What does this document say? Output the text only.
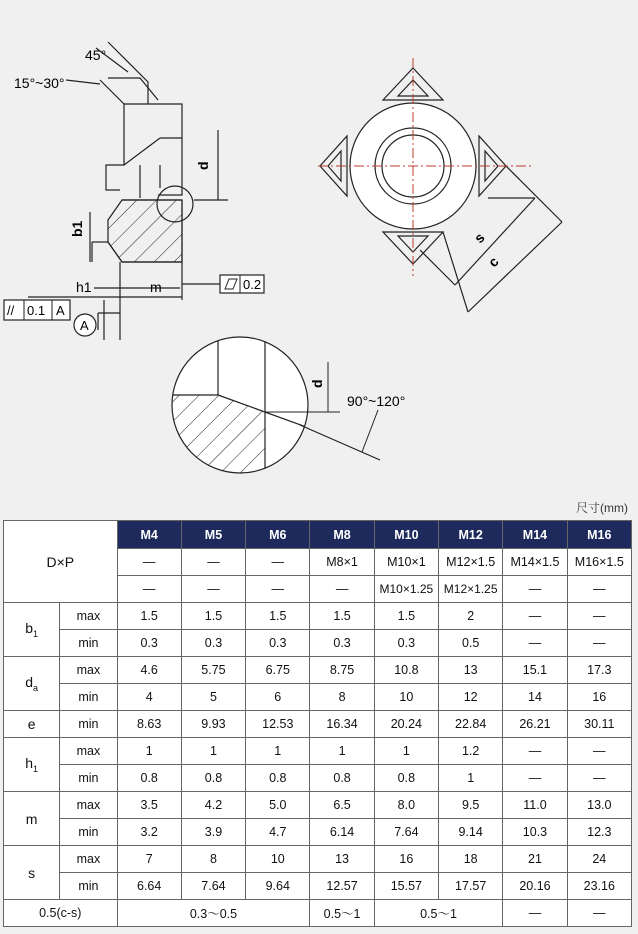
45°
15°~30°
d
b1
h1	m	0.2
// 0.1 A
A
s
c
d
90°~120°
尺寸(mm)
D×P		M4	M5	M6	M8	M10	M12	M14	M16
		—	—	—	M8×1	M10×1	M12×1.5	M14×1.5	M16×1.5
		—	—	—	—	M10×1.25	M12×1.25	—	—
$b_1$	max	1.5	1.5	1.5	1.5	1.5	2	—	—
	min	0.3	0.3	0.3	0.3	0.3	0.5	—	—
$d_a$	max	4.6	5.75	6.75	8.75	10.8	13	15.1	17.3
	min	4	5	6	8	10	12	14	16
e	min	8.63	9.93	12.53	16.34	20.24	22.84	26.21	30.11
$h_1$	max	1	1	1	1	1	1.2	—	—
	min	0.8	0.8	0.8	0.8	0.8	1	—	—
m	max	3.5	4.2	5.0	6.5	8.0	9.5	11.0	13.0
	min	3.2	3.9	4.7	6.14	7.64	9.14	10.3	12.3
s	max	7	8	10	13	16	18	21	24
	min	6.64	7.64	9.64	12.57	15.57	17.57	20.16	23.16
0.5(c-s)		0.3～0.5			0.5～1	0.5～1		—	—
